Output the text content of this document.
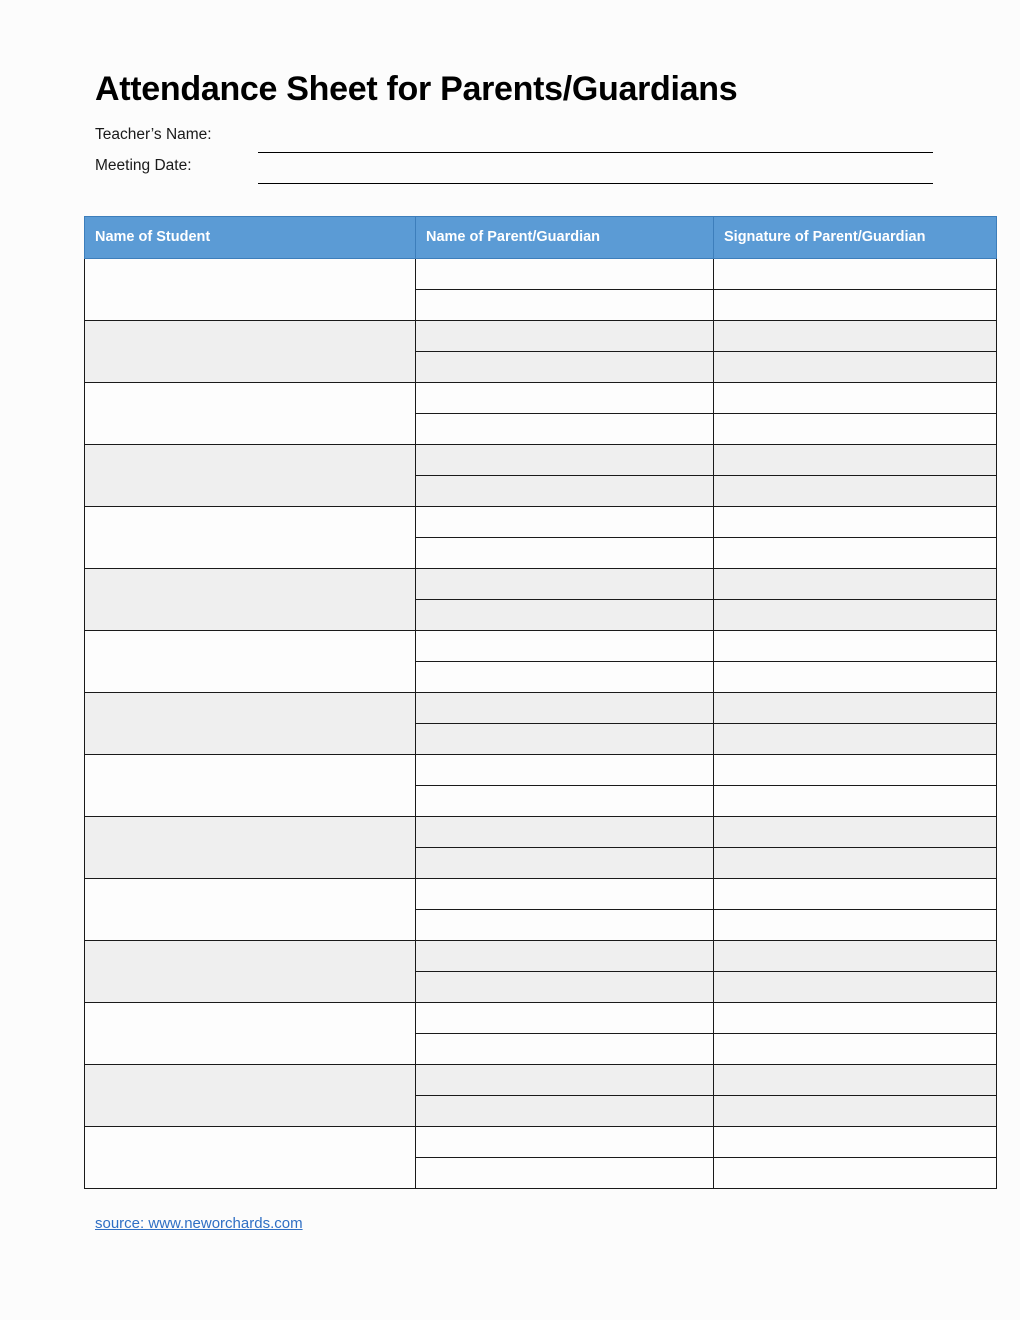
Attendance Sheet for Parents/Guardians
Teacher’s Name:
Meeting Date:
Name of Student	Name of Parent/Guardian	Signature of Parent/Guardian

source: www.neworchards.com
